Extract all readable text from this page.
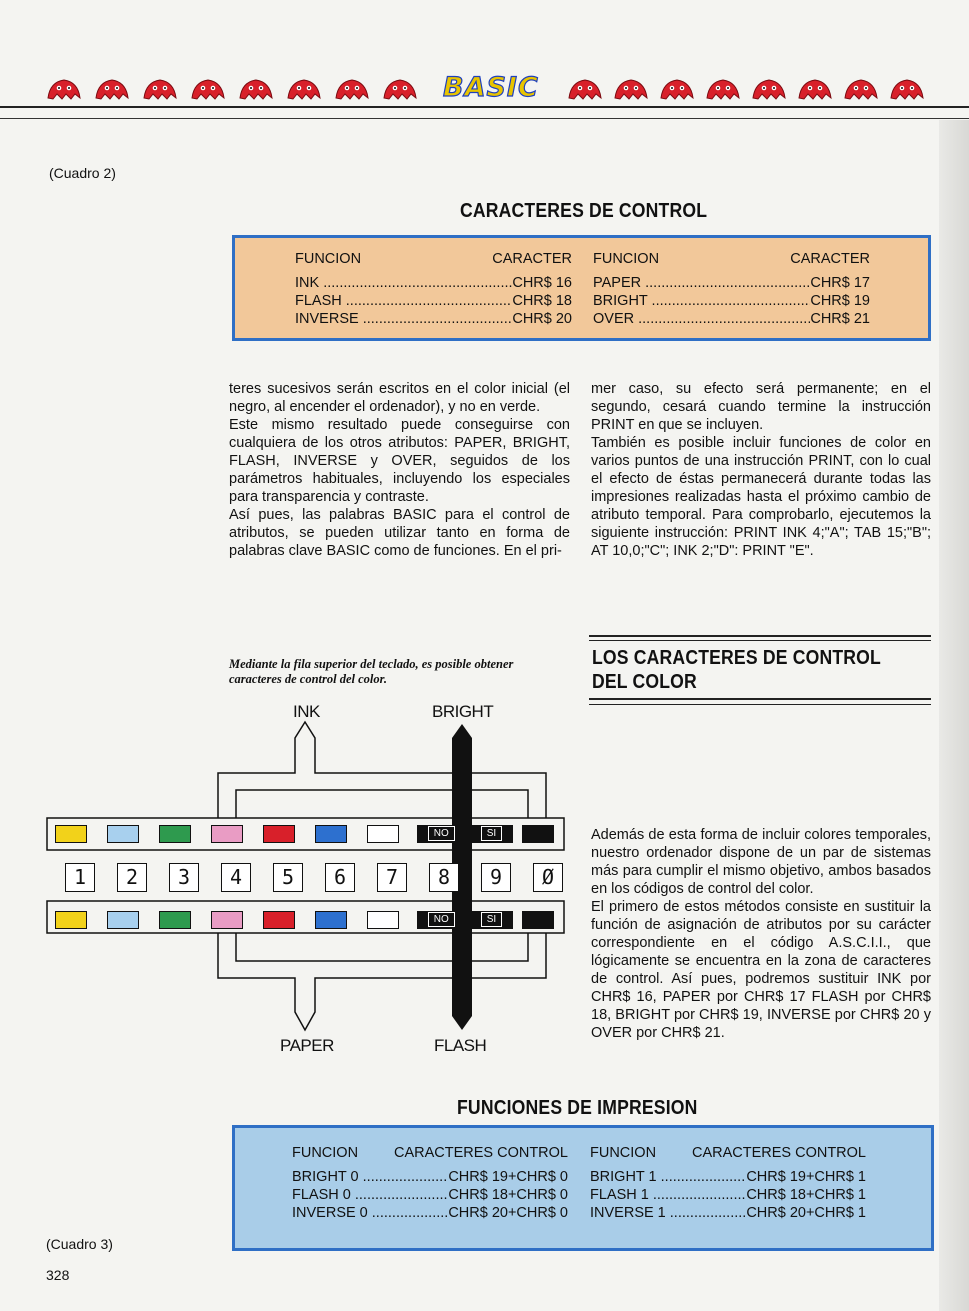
BASIC
(Cuadro 2)
CARACTERES DE CONTROL
FUNCION	CARACTER
INK .....	CHR$ 16
FLASH .....	CHR$ 18
INVERSE .....	CHR$ 20
FUNCION	CARACTER
PAPER .....	CHR$ 17
BRIGHT .....	CHR$ 19
OVER .....	CHR$ 21

teres sucesivos serán escritos en el color inicial (el negro, al encender el ordenador), y no en verde.

Este mismo resultado puede conseguirse con cualquiera de los otros atributos: PAPER, BRIGHT, FLASH, INVERSE y OVER, seguidos de los parámetros habituales, incluyendo los especiales para transparencia y contraste.

Así pues, las palabras BASIC para el control de atributos, se pueden utilizar tanto en forma de palabras clave BASIC como de funciones. En el pri-

mer caso, su efecto será permanente; en el segundo, cesará cuando termine la instrucción PRINT en que se incluyen.

También es posible incluir funciones de color en varios puntos de una instrucción PRINT, con lo cual el efecto de éstas permanecerá durante todas las impresiones realizadas hasta el próximo cambio de atributo temporal. Para comprobarlo, ejecutemos la siguiente instrucción: PRINT INK 4;"A"; TAB 15;"B"; AT 10,0;"C"; INK 2;"D": PRINT "E".

LOS CARACTERES DE CONTROL
DEL COLOR

Además de esta forma de incluir colores temporales, nuestro ordenador dispone de un par de sistemas más para cumplir el mismo objetivo, ambos basados en los códigos de control del color.

El primero de estos métodos consiste en sustituir la función de asignación de atributos por su carácter correspondiente en el código A.S.C.I.I., que lógicamente se encuentra en la zona de caracteres de control. Así pues, podremos sustituir INK por CHR$ 16, PAPER por CHR$ 17 FLASH por CHR$ 18, BRIGHT por CHR$ 19, INVERSE por CHR$ 20 y OVER por CHR$ 21.

Mediante la fila superior del teclado, es posible obtener caracteres de control del color.
NO	SI
NO	SI
1	2	3	4	5	6	7	8	9	Ø
INK	BRIGHT
PAPER	FLASH
FUNCIONES DE IMPRESION
FUNCION CARACTERES CONTROL
BRIGHT 0 .....	CHR$ 19+CHR$ 0
FLASH 0 .....	CHR$ 18+CHR$ 0
INVERSE 0 .....	CHR$ 20+CHR$ 0
FUNCION CARACTERES CONTROL
BRIGHT 1 .....	CHR$ 19+CHR$ 1
FLASH 1 .....	CHR$ 18+CHR$ 1
INVERSE 1 .....	CHR$ 20+CHR$ 1
(Cuadro 3)
328
